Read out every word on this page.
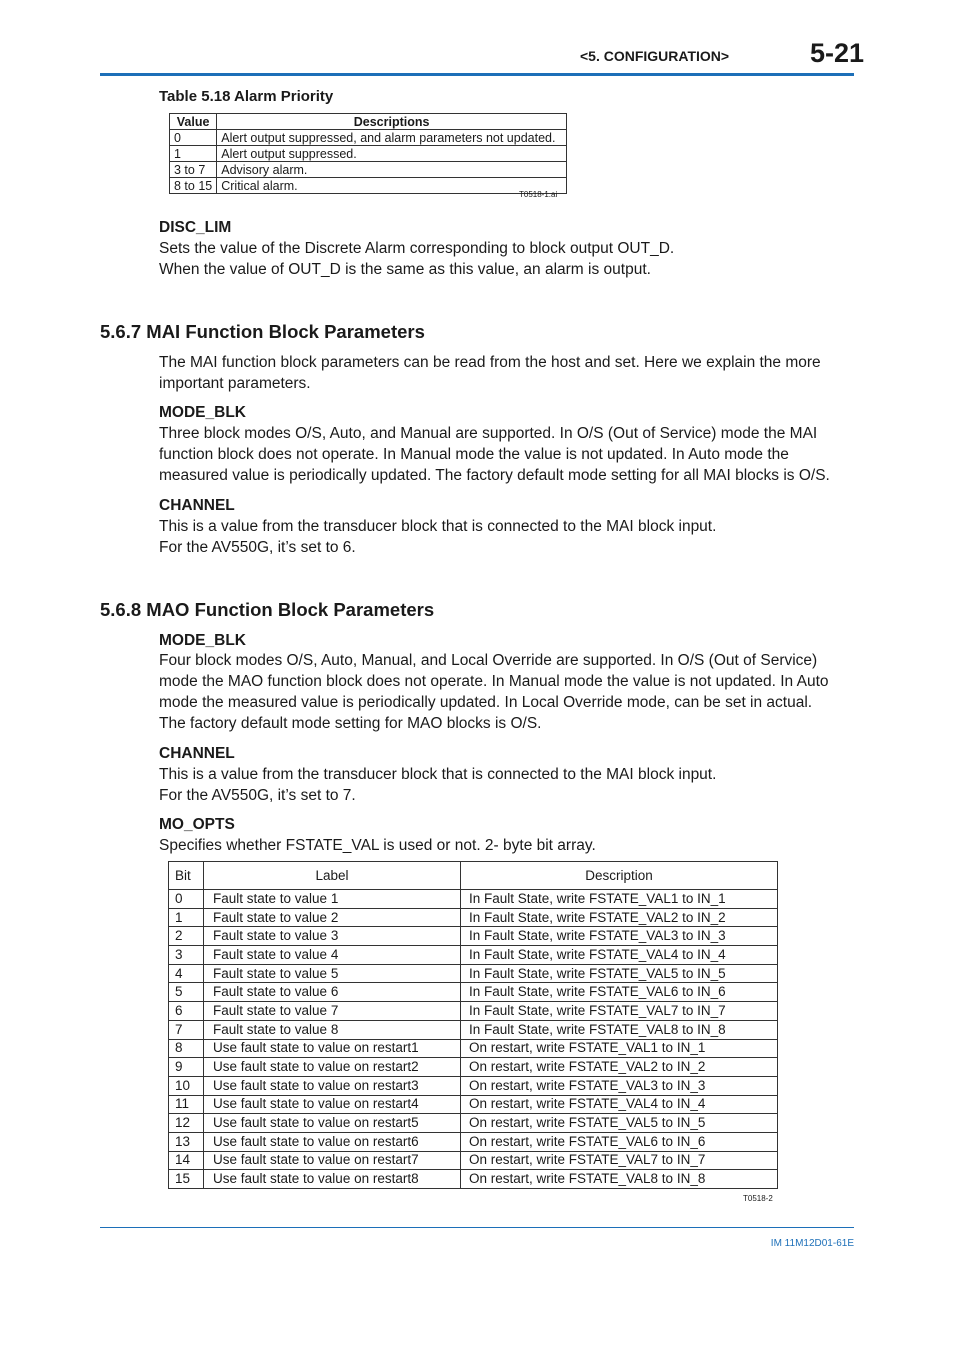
<5. CONFIGURATION>	5-21
Table 5.18 Alarm Priority
Value	Descriptions
0	Alert output suppressed, and alarm parameters not updated.
1	Alert output suppressed.
3 to 7	Advisory alarm.
8 to 15	Critical alarm.
T0518-1.ai
DISC_LIM
Sets the value of the Discrete Alarm corresponding to block output OUT_D.
When the value of OUT_D is the same as this value, an alarm is output.
5.6.7 MAI Function Block Parameters
The MAI function block parameters can be read from the host and set. Here we explain the more
important parameters.
MODE_BLK
Three block modes O/S, Auto, and Manual are supported. In O/S (Out of Service) mode the MAI
function block does not operate. In Manual mode the value is not updated. In Auto mode the
measured value is periodically updated. The factory default mode setting for all MAI blocks is O/S.
CHANNEL
This is a value from the transducer block that is connected to the MAI block input.
For the AV550G, it’s set to 6.
5.6.8 MAO Function Block Parameters
MODE_BLK
Four block modes O/S, Auto, Manual, and Local Override are supported. In O/S (Out of Service)
mode the MAO function block does not operate. In Manual mode the value is not updated. In Auto
mode the measured value is periodically updated. In Local Override mode, can be set in actual.
The factory default mode setting for MAO blocks is O/S.
CHANNEL
This is a value from the transducer block that is connected to the MAI block input.
For the AV550G, it’s set to 7.
MO_OPTS
Specifies whether FSTATE_VAL is used or not. 2- byte bit array.
Bit	Label	Description
0	Fault state to value 1	In Fault State, write FSTATE_VAL1 to IN_1
1	Fault state to value 2	In Fault State, write FSTATE_VAL2 to IN_2
2	Fault state to value 3	In Fault State, write FSTATE_VAL3 to IN_3
3	Fault state to value 4	In Fault State, write FSTATE_VAL4 to IN_4
4	Fault state to value 5	In Fault State, write FSTATE_VAL5 to IN_5
5	Fault state to value 6	In Fault State, write FSTATE_VAL6 to IN_6
6	Fault state to value 7	In Fault State, write FSTATE_VAL7 to IN_7
7	Fault state to value 8	In Fault State, write FSTATE_VAL8 to IN_8
8	Use fault state to value on restart1	On restart, write FSTATE_VAL1 to IN_1
9	Use fault state to value on restart2	On restart, write FSTATE_VAL2 to IN_2
10	Use fault state to value on restart3	On restart, write FSTATE_VAL3 to IN_3
11	Use fault state to value on restart4	On restart, write FSTATE_VAL4 to IN_4
12	Use fault state to value on restart5	On restart, write FSTATE_VAL5 to IN_5
13	Use fault state to value on restart6	On restart, write FSTATE_VAL6 to IN_6
14	Use fault state to value on restart7	On restart, write FSTATE_VAL7 to IN_7
15	Use fault state to value on restart8	On restart, write FSTATE_VAL8 to IN_8
T0518-2
IM 11M12D01-61E
